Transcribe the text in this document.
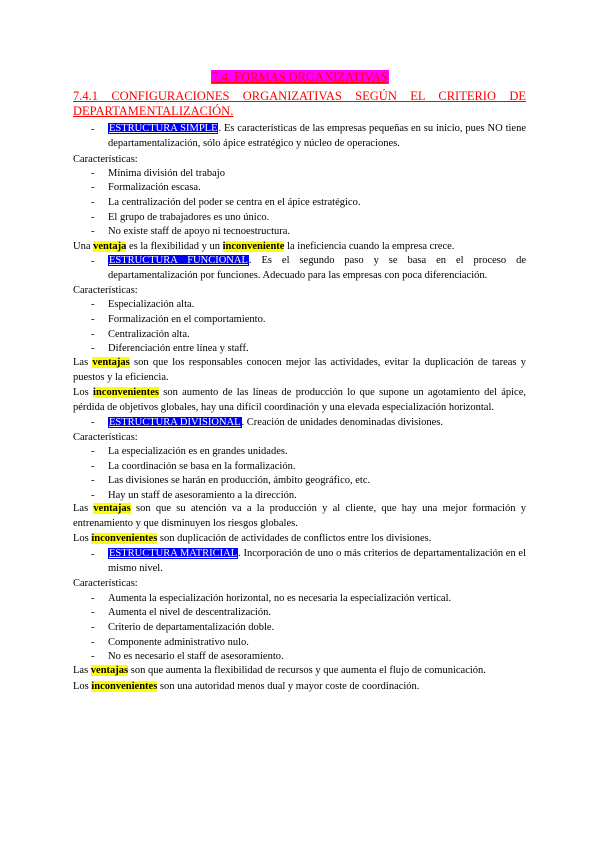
7.4. FORMAS ORGANIZATIVAS
7.4.1 CONFIGURACIONES ORGANIZATIVAS SEGÚN EL CRITERIO DE DEPARTAMENTALIZACIÓN.
- ESTRUCTURA SIMPLE. Es características de las empresas pequeñas en su inicio, pues NO tiene departamentalización, sólo ápice estratégico y núcleo de operaciones.
Características:
- Mínima división del trabajo
- Formalización escasa.
- La centralización del poder se centra en el ápice estratégico.
- El grupo de trabajadores es uno único.
- No existe staff de apoyo ni tecnoestructura.
Una ventaja es la flexibilidad y un inconveniente la ineficiencia cuando la empresa crece.
- ESTRUCTURA FUNCIONAL. Es el segundo paso y se basa en el proceso de departamentalización por funciones. Adecuado para las empresas con poca diferenciación.
Características:
- Especialización alta.
- Formalización en el comportamiento.
- Centralización alta.
- Diferenciación entre línea y staff.
Las ventajas son que los responsables conocen mejor las actividades, evitar la duplicación de tareas y puestos y la eficiencia.
Los inconvenientes son aumento de las líneas de producción lo que supone un agotamiento del ápice, pérdida de objetivos globales, hay una difícil coordinación y una elevada especialización horizontal.
- ESTRUCTURA DIVISIONAL. Creación de unidades denominadas divisiones.
Características:
- La especialización es en grandes unidades.
- La coordinación se basa en la formalización.
- Las divisiones se harán en producción, ámbito geográfico, etc.
- Hay un staff de asesoramiento a la dirección.
Las ventajas son que su atención va a la producción y al cliente, que hay una mejor formación y entrenamiento y que disminuyen los riesgos globales.
Los inconvenientes son duplicación de actividades de conflictos entre los divisiones.
- ESTRUCTURA MATRICIAL. Incorporación de uno o más criterios de departamentalización en el mismo nivel.
Características:
- Aumenta la especialización horizontal, no es necesaria la especialización vertical.
- Aumenta el nivel de descentralización.
- Criterio de departamentalización doble.
- Componente administrativo nulo.
- No es necesario el staff de asesoramiento.
Las ventajas son que aumenta la flexibilidad de recursos y que aumenta el flujo de comunicación.
Los inconvenientes son una autoridad menos dual y mayor coste de coordinación.
